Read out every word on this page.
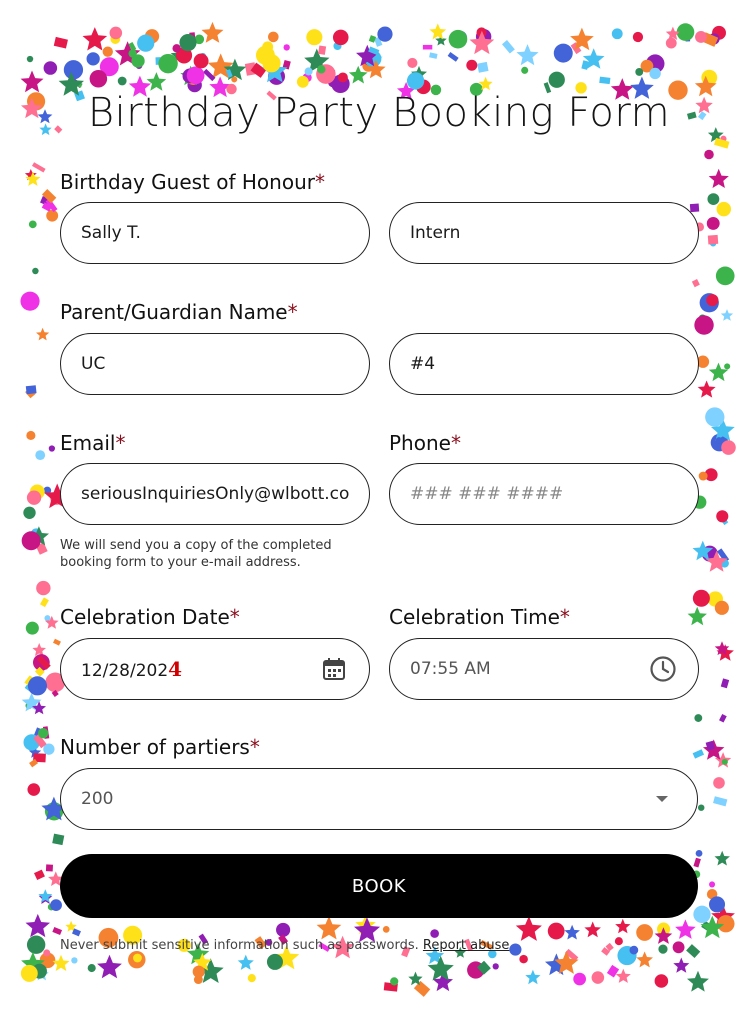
Birthday Party Booking Form
Birthday Guest of Honour*
Sally T.	Intern
Parent/Guardian Name*
UC	#4
Email*	Phone*
seriousInquiriesOnly@wlbott.co	### ### ####
We will send you a copy of the completed booking form to your e-mail address.
Celebration Date*	Celebration Time*
12/28/2024	07:55 AM
Number of partiers*
200
BOOK
Never submit sensitive information such as passwords. Report abuse
